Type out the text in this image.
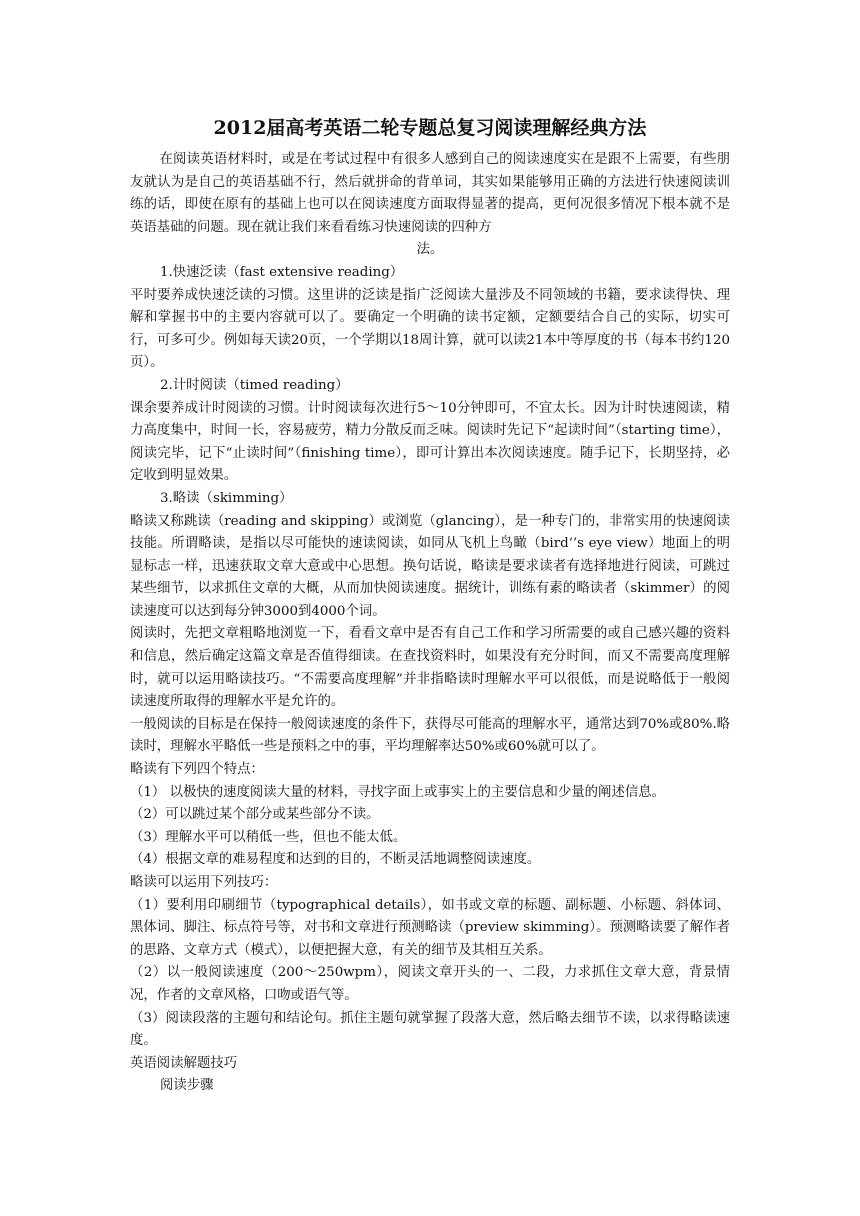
2012届高考英语二轮专题总复习阅读理解经典方法

在阅读英语材料时，或是在考试过程中有很多人感到自己的阅读速度实在是跟不上需要，有些朋友就认为是自己的英语基础不行，然后就拼命的背单词，其实如果能够用正确的方法进行快速阅读训练的话，即使在原有的基础上也可以在阅读速度方面取得显著的提高，更何况很多情况下根本就不是英语基础的问题。现在就让我们来看看练习快速阅读的四种方

法。

1.快速泛读（fast extensive reading）

平时要养成快速泛读的习惯。这里讲的泛读是指广泛阅读大量涉及不同领域的书籍，要求读得快、理解和掌握书中的主要内容就可以了。要确定一个明确的读书定额，定额要结合自己的实际，切实可行，可多可少。例如每天读20页，一个学期以18周计算，就可以读21本中等厚度的书（每本书约120页）。

2.计时阅读（timed reading）

课余要养成计时阅读的习惯。计时阅读每次进行5～10分钟即可，不宜太长。因为计时快速阅读，精力高度集中，时间一长，容易疲劳，精力分散反而乏味。阅读时先记下“起读时间”（starting time），阅读完毕，记下“止读时间”（finishing time），即可计算出本次阅读速度。随手记下，长期坚持，必定收到明显效果。

3.略读（skimming）

略读又称跳读（reading and skipping）或浏览（glancing），是一种专门的，非常实用的快速阅读技能。所谓略读，是指以尽可能快的速读阅读，如同从飞机上鸟瞰（bird‘’s eye view）地面上的明显标志一样，迅速获取文章大意或中心思想。换句话说，略读是要求读者有选择地进行阅读，可跳过某些细节，以求抓住文章的大概，从而加快阅读速度。据统计，训练有素的略读者（skimmer）的阅读速度可以达到每分钟3000到4000个词。

阅读时，先把文章粗略地浏览一下，看看文章中是否有自己工作和学习所需要的或自己感兴趣的资料和信息，然后确定这篇文章是否值得细读。在查找资料时，如果没有充分时间，而又不需要高度理解时，就可以运用略读技巧。“不需要高度理解”并非指略读时理解水平可以很低，而是说略低于一般阅读速度所取得的理解水平是允许的。

一般阅读的目标是在保持一般阅读速度的条件下，获得尽可能高的理解水平，通常达到70%或80%.略读时，理解水平略低一些是预料之中的事，平均理解率达50%或60%就可以了。

略读有下列四个特点：

（1） 以极快的速度阅读大量的材料，寻找字面上或事实上的主要信息和少量的阐述信息。

（2）可以跳过某个部分或某些部分不读。

（3）理解水平可以稍低一些，但也不能太低。

（4）根据文章的难易程度和达到的目的，不断灵活地调整阅读速度。

略读可以运用下列技巧：

（1）要利用印刷细节（typographical details），如书或文章的标题、副标题、小标题、斜体词、黑体词、脚注、标点符号等，对书和文章进行预测略读（preview skimming）。预测略读要了解作者的思路、文章方式（模式），以便把握大意，有关的细节及其相互关系。

（2）以一般阅读速度（200～250wpm），阅读文章开头的一、二段，力求抓住文章大意，背景情况，作者的文章风格，口吻或语气等。

（3）阅读段落的主题句和结论句。抓住主题句就掌握了段落大意，然后略去细节不读，以求得略读速度。

英语阅读解题技巧

阅读步骤
